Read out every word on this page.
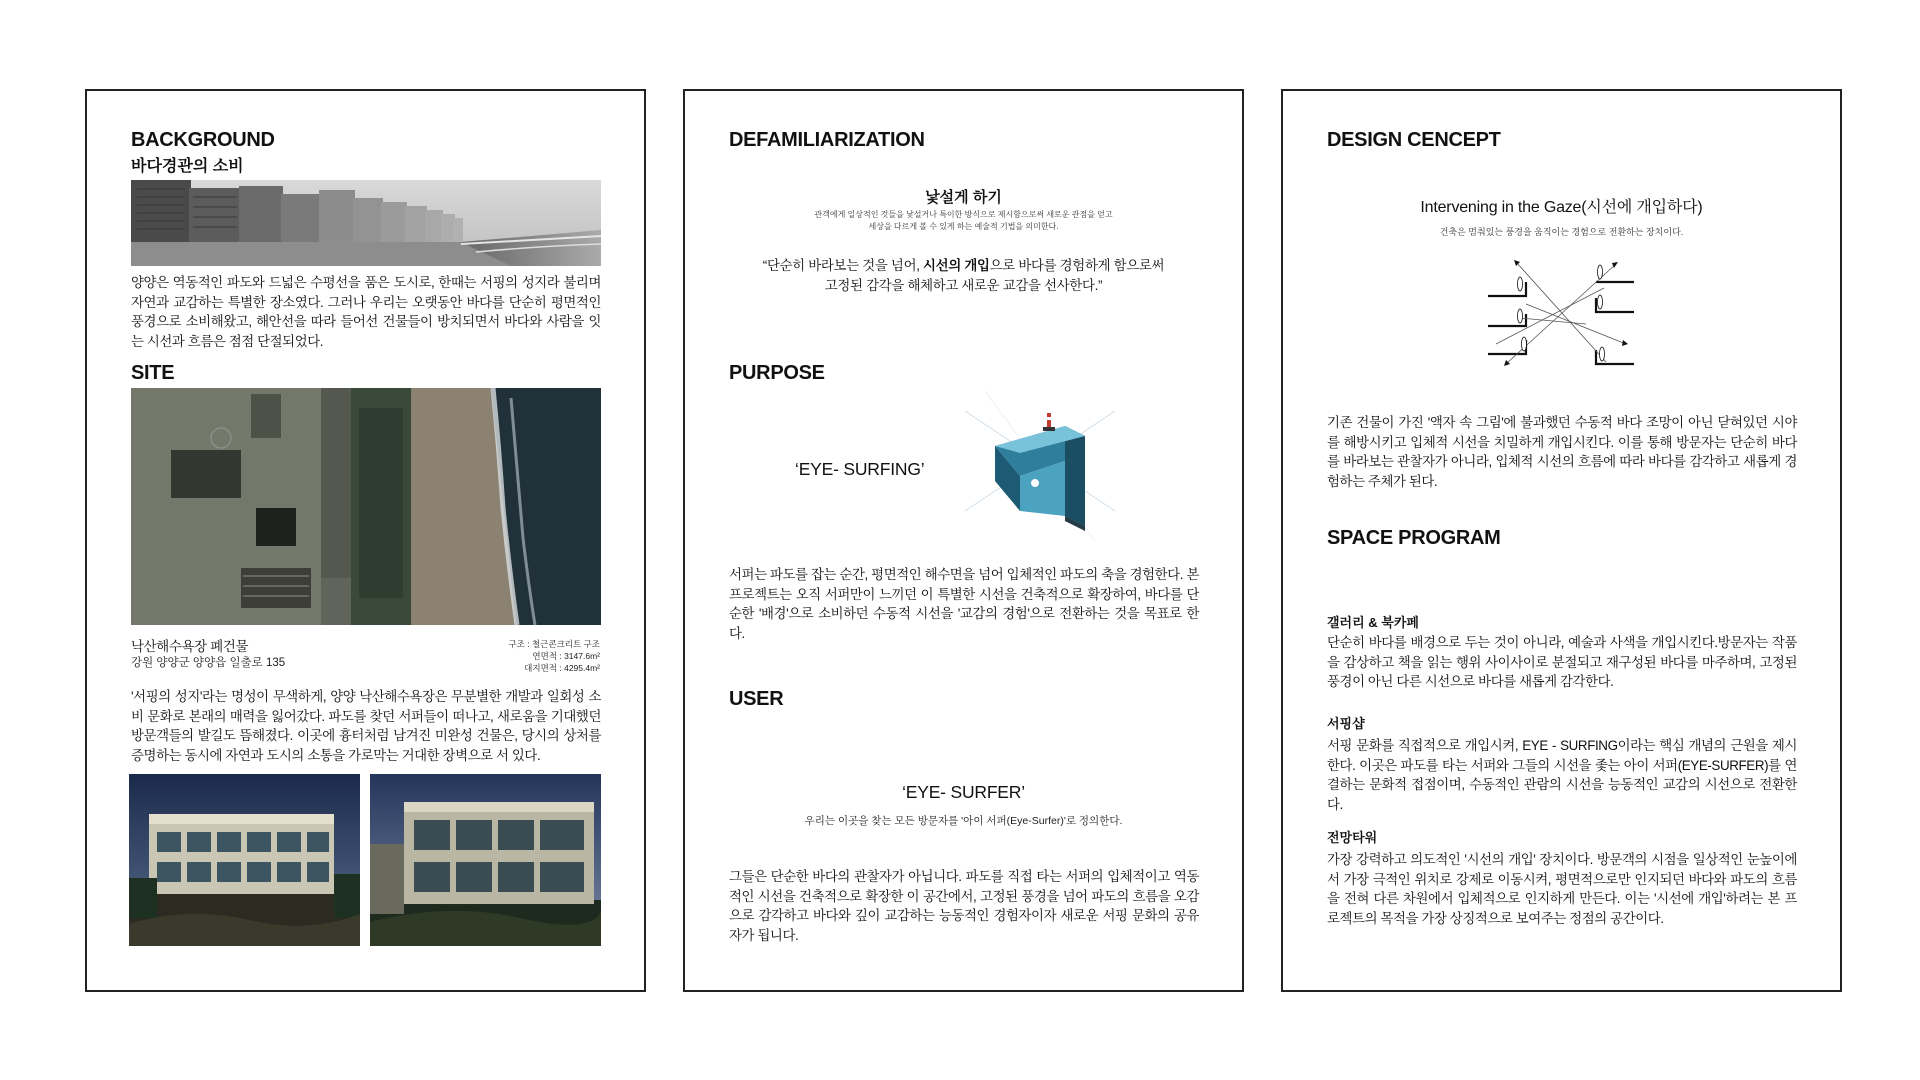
BACKGROUND
바다경관의 소비
양양은 역동적인 파도와 드넓은 수평선을 품은 도시로, 한때는 서핑의 성지라 불리며 자연과 교감하는 특별한 장소였다. 그러나 우리는 오랫동안 바다를 단순히 평면적인 풍경으로 소비해왔고, 해안선을 따라 들어선 건물들이 방치되면서 바다와 사람을 잇는 시선과 흐름은 점점 단절되었다.
SITE
낙산해수욕장 폐건물
강원 양양군 양양읍 일출로 135
구조 : 철근콘크리트 구조
연면적 : 3147.6m²
대지면적 : 4295.4m²
'서핑의 성지'라는 명성이 무색하게, 양양 낙산해수욕장은 무분별한 개발과 일회성 소비 문화로 본래의 매력을 잃어갔다. 파도를 찾던 서퍼들이 떠나고, 새로움을 기대했던 방문객들의 발길도 뜸해졌다. 이곳에 흉터처럼 남겨진 미완성 건물은, 당시의 상처를 증명하는 동시에 자연과 도시의 소통을 가로막는 거대한 장벽으로 서 있다.
DEFAMILIARIZATION
낯설게 하기
관객에게 일상적인 것들을 낯설거나 특이한 방식으로 제시함으로써 새로운 관점을 얻고
세상을 다르게 볼 수 있게 하는 예술적 기법을 의미한다.
“단순히 바라보는 것을 넘어, 시선의 개입으로 바다를 경험하게 함으로써
고정된 감각을 해체하고 새로운 교감을 선사한다.”
PURPOSE
‘EYE- SURFING’
서퍼는 파도를 잡는 순간, 평면적인 해수면을 넘어 입체적인 파도의 축을 경험한다. 본 프로젝트는 오직 서퍼만이 느끼던 이 특별한 시선을 건축적으로 확장하여, 바다를 단순한 '배경'으로 소비하던 수동적 시선을 '교감의 경험'으로 전환하는 것을 목표로 한다.
USER
‘EYE- SURFER’
우리는 이곳을 찾는 모든 방문자를 '아이 서퍼(Eye-Surfer)'로 정의한다.
그들은 단순한 바다의 관찰자가 아닙니다. 파도를 직접 타는 서퍼의 입체적이고 역동적인 시선을 건축적으로 확장한 이 공간에서, 고정된 풍경을 넘어 파도의 흐름을 오감으로 감각하고 바다와 깊이 교감하는 능동적인 경험자이자 새로운 서핑 문화의 공유자가 됩니다.
DESIGN CENCEPT
Intervening in the Gaze(시선에 개입하다)
건축은 멈춰있는 풍경을 움직이는 경험으로 전환하는 장치이다.
기존 건물이 가진 '액자 속 그림'에 불과했던 수동적 바다 조망이 아닌 닫혀있던 시야를 해방시키고 입체적 시선을 치밀하게 개입시킨다. 이를 통해 방문자는 단순히 바다를 바라보는 관찰자가 아니라, 입체적 시선의 흐름에 따라 바다를 감각하고 새롭게 경험하는 주체가 된다.
SPACE PROGRAM
갤러리 & 북카페
단순히 바다를 배경으로 두는 것이 아니라, 예술과 사색을 개입시킨다.방문자는 작품을 감상하고 책을 읽는 행위 사이사이로 분절되고 재구성된 바다를 마주하며, 고정된 풍경이 아닌 다른 시선으로 바다를 새롭게 감각한다.
서핑샵
서핑 문화를 직접적으로 개입시켜, EYE - SURFING이라는 핵심 개념의 근원을 제시한다. 이곳은 파도를 타는 서퍼와 그들의 시선을 좇는 아이 서퍼(EYE-SURFER)를 연결하는 문화적 접점이며, 수동적인 관람의 시선을 능동적인 교감의 시선으로 전환한다.
전망타워
가장 강력하고 의도적인 '시선의 개입' 장치이다. 방문객의 시점을 일상적인 눈높이에서 가장 극적인 위치로 강제로 이동시켜, 평면적으로만 인지되던 바다와 파도의 흐름을 전혀 다른 차원에서 입체적으로 인지하게 만든다. 이는 '시선에 개입'하려는 본 프로젝트의 목적을 가장 상징적으로 보여주는 정점의 공간이다.
